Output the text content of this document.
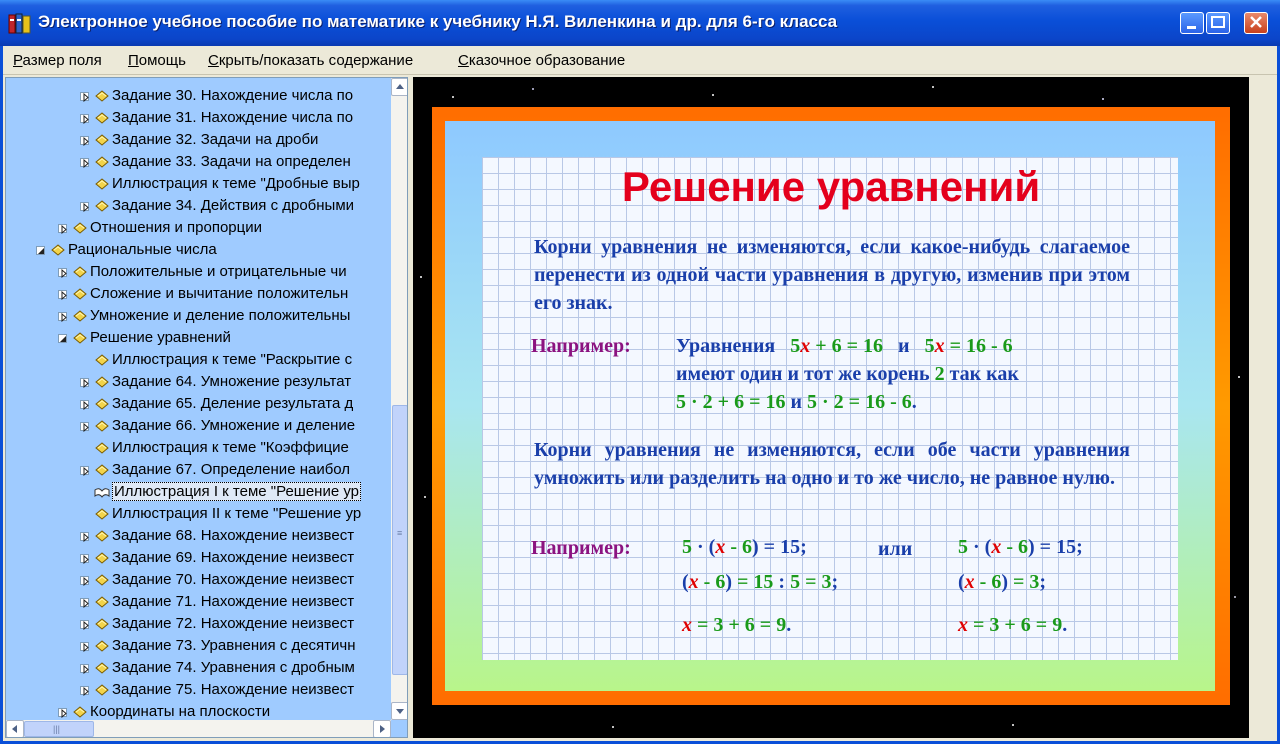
Электронное учебное пособие по математике к учебнику Н.Я. Виленкина и др. для 6-го класса
Размер поля Помощь Скрыть/показать содержание	Сказочное образование
Задание 30. Нахождение числа по
Задание 31. Нахождение числа по
Задание 32. Задачи на дроби
Задание 33. Задачи на определен
Иллюстрация к теме "Дробные выр
Задание 34. Действия с дробными
Отношения и пропорции
Рациональные числа
Положительные и отрицательные чи
Сложение и вычитание положительн
Умножение и деление положительны
Решение уравнений
Иллюстрация к теме "Раскрытие с
Задание 64. Умножение результат
Задание 65. Деление результата д
Задание 66. Умножение и деление
Иллюстрация к теме "Коэффицие
Задание 67. Определение наибол
Иллюстрация I к теме "Решение ур
Иллюстрация II к теме "Решение ур
Задание 68. Нахождение неизвест
Задание 69. Нахождение неизвест
Задание 70. Нахождение неизвест
Задание 71. Нахождение неизвест
Задание 72. Нахождение неизвест
Задание 73. Уравнения с десятичн
Задание 74. Уравнения с дробным
Задание 75. Нахождение неизвест
Координаты на плоскости
≡
|||
Решение уравнений
Корни уравнения не изменяются, если какое-нибудь слагаемое перенести из одной части уравнения в другую, изменив при этом его знак.
Например: Уравнения 5x + 6 = 16 и 5x = 16 - 6
имеют один и тот же корень 2 так как
5 · 2 + 6 = 16 и 5 · 2 = 16 - 6.
Корни уравнения не изменяются, если обе части уравнения умножить или разделить на одно и то же число, не равное нулю.
Например:	5 · (x - 6) = 15;	или 5 · (x - 6) = 15;
(x - 6) = 15 : 5 = 3;	(x - 6) = 3;
x = 3 + 6 = 9.	x = 3 + 6 = 9.
